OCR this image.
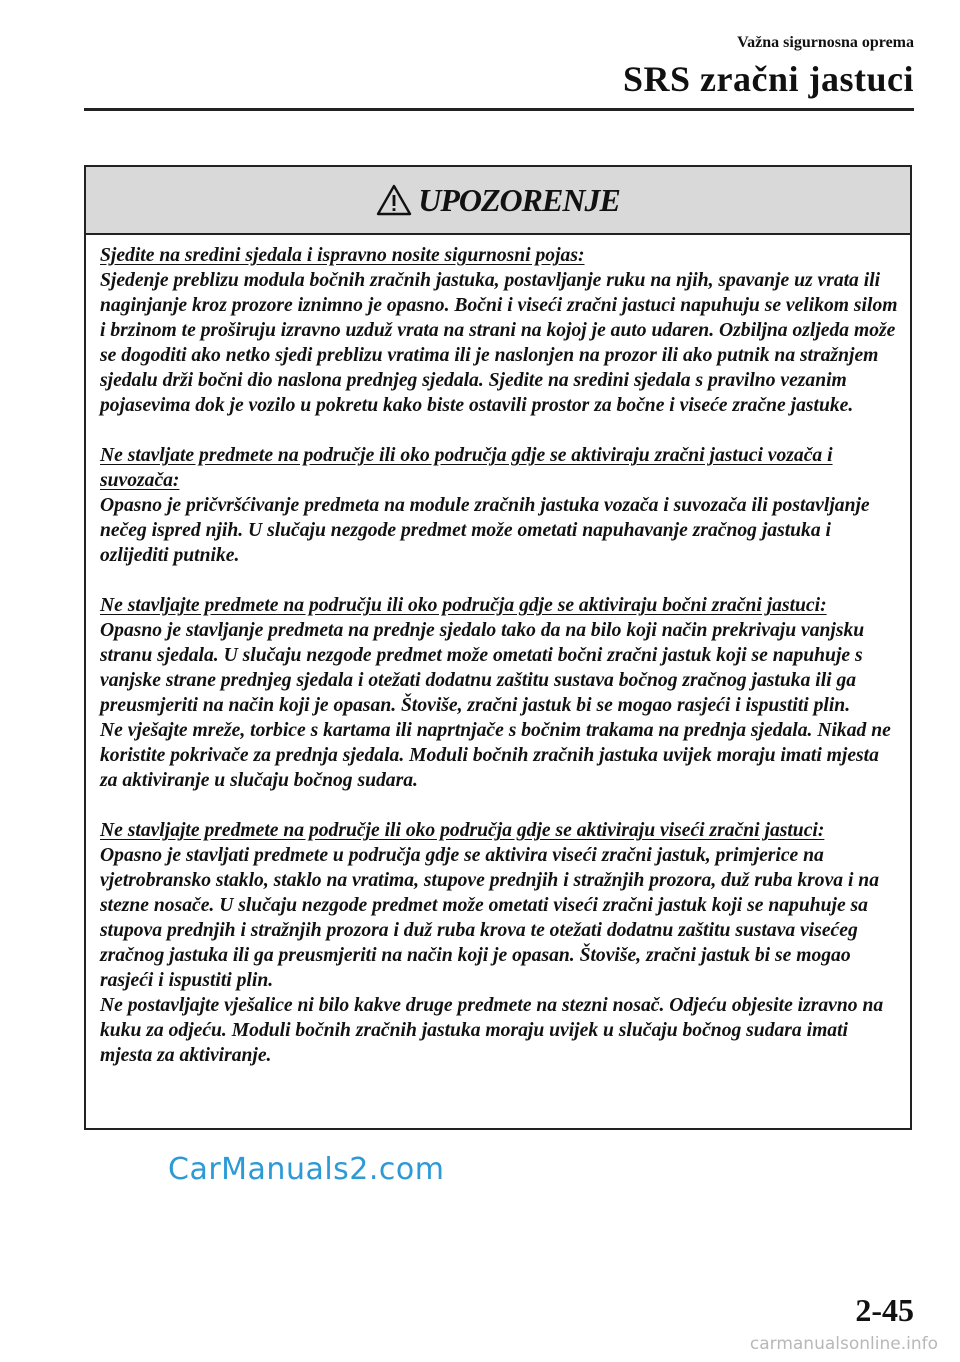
Važna sigurnosna oprema
SRS zračni jastuci
UPOZORENJE
Sjedite na sredini sjedala i ispravno nosite sigurnosni pojas:

Sjedenje preblizu modula bočnih zračnih jastuka, postavljanje ruku na njih, spavanje uz vrata ili naginjanje kroz prozore iznimno je opasno. Bočni i viseći zračni jastuci napuhuju se velikom silom i brzinom te proširuju izravno uzduž vrata na strani na kojoj je auto udaren. Ozbiljna ozljeda može se dogoditi ako netko sjedi preblizu vratima ili je naslonjen na prozor ili ako putnik na stražnjem sjedalu drži bočni dio naslona prednjeg sjedala. Sjedite na sredini sjedala s pravilno vezanim pojasevima dok je vozilo u pokretu kako biste ostavili prostor za bočne i viseće zračne jastuke.

Ne stavljate predmete na područje ili oko područja gdje se aktiviraju zračni jastuci vozača i suvozača:

Opasno je pričvršćivanje predmeta na module zračnih jastuka vozača i suvozača ili postavljanje nečeg ispred njih. U slučaju nezgode predmet može ometati napuhavanje zračnog jastuka i ozlijediti putnike.

Ne stavljajte predmete na području ili oko područja gdje se aktiviraju bočni zračni jastuci:

Opasno je stavljanje predmeta na prednje sjedalo tako da na bilo koji način prekrivaju vanjsku stranu sjedala. U slučaju nezgode predmet može ometati bočni zračni jastuk koji se napuhuje s vanjske strane prednjeg sjedala i otežati dodatnu zaštitu sustava bočnog zračnog jastuka ili ga preusmjeriti na način koji je opasan. Štoviše, zračni jastuk bi se mogao rasjeći i ispustiti plin.

Ne vješajte mreže, torbice s kartama ili naprtnjače s bočnim trakama na prednja sjedala. Nikad ne koristite pokrivače za prednja sjedala. Moduli bočnih zračnih jastuka uvijek moraju imati mjesta za aktiviranje u slučaju bočnog sudara.

Ne stavljajte predmete na područje ili oko područja gdje se aktiviraju viseći zračni jastuci:

Opasno je stavljati predmete u područja gdje se aktivira viseći zračni jastuk, primjerice na vjetrobransko staklo, staklo na vratima, stupove prednjih i stražnjih prozora, duž ruba krova i na stezne nosače. U slučaju nezgode predmet može ometati viseći zračni jastuk koji se napuhuje sa stupova prednjih i stražnjih prozora i duž ruba krova te otežati dodatnu zaštitu sustava visećeg zračnog jastuka ili ga preusmjeriti na način koji je opasan. Štoviše, zračni jastuk bi se mogao rasjeći i ispustiti plin.

Ne postavljajte vješalice ni bilo kakve druge predmete na stezni nosač. Odjeću objesite izravno na kuku za odjeću. Moduli bočnih zračnih jastuka moraju uvijek u slučaju bočnog sudara imati mjesta za aktiviranje.

CarManuals2.com
2-45
carmanualsonline.info
